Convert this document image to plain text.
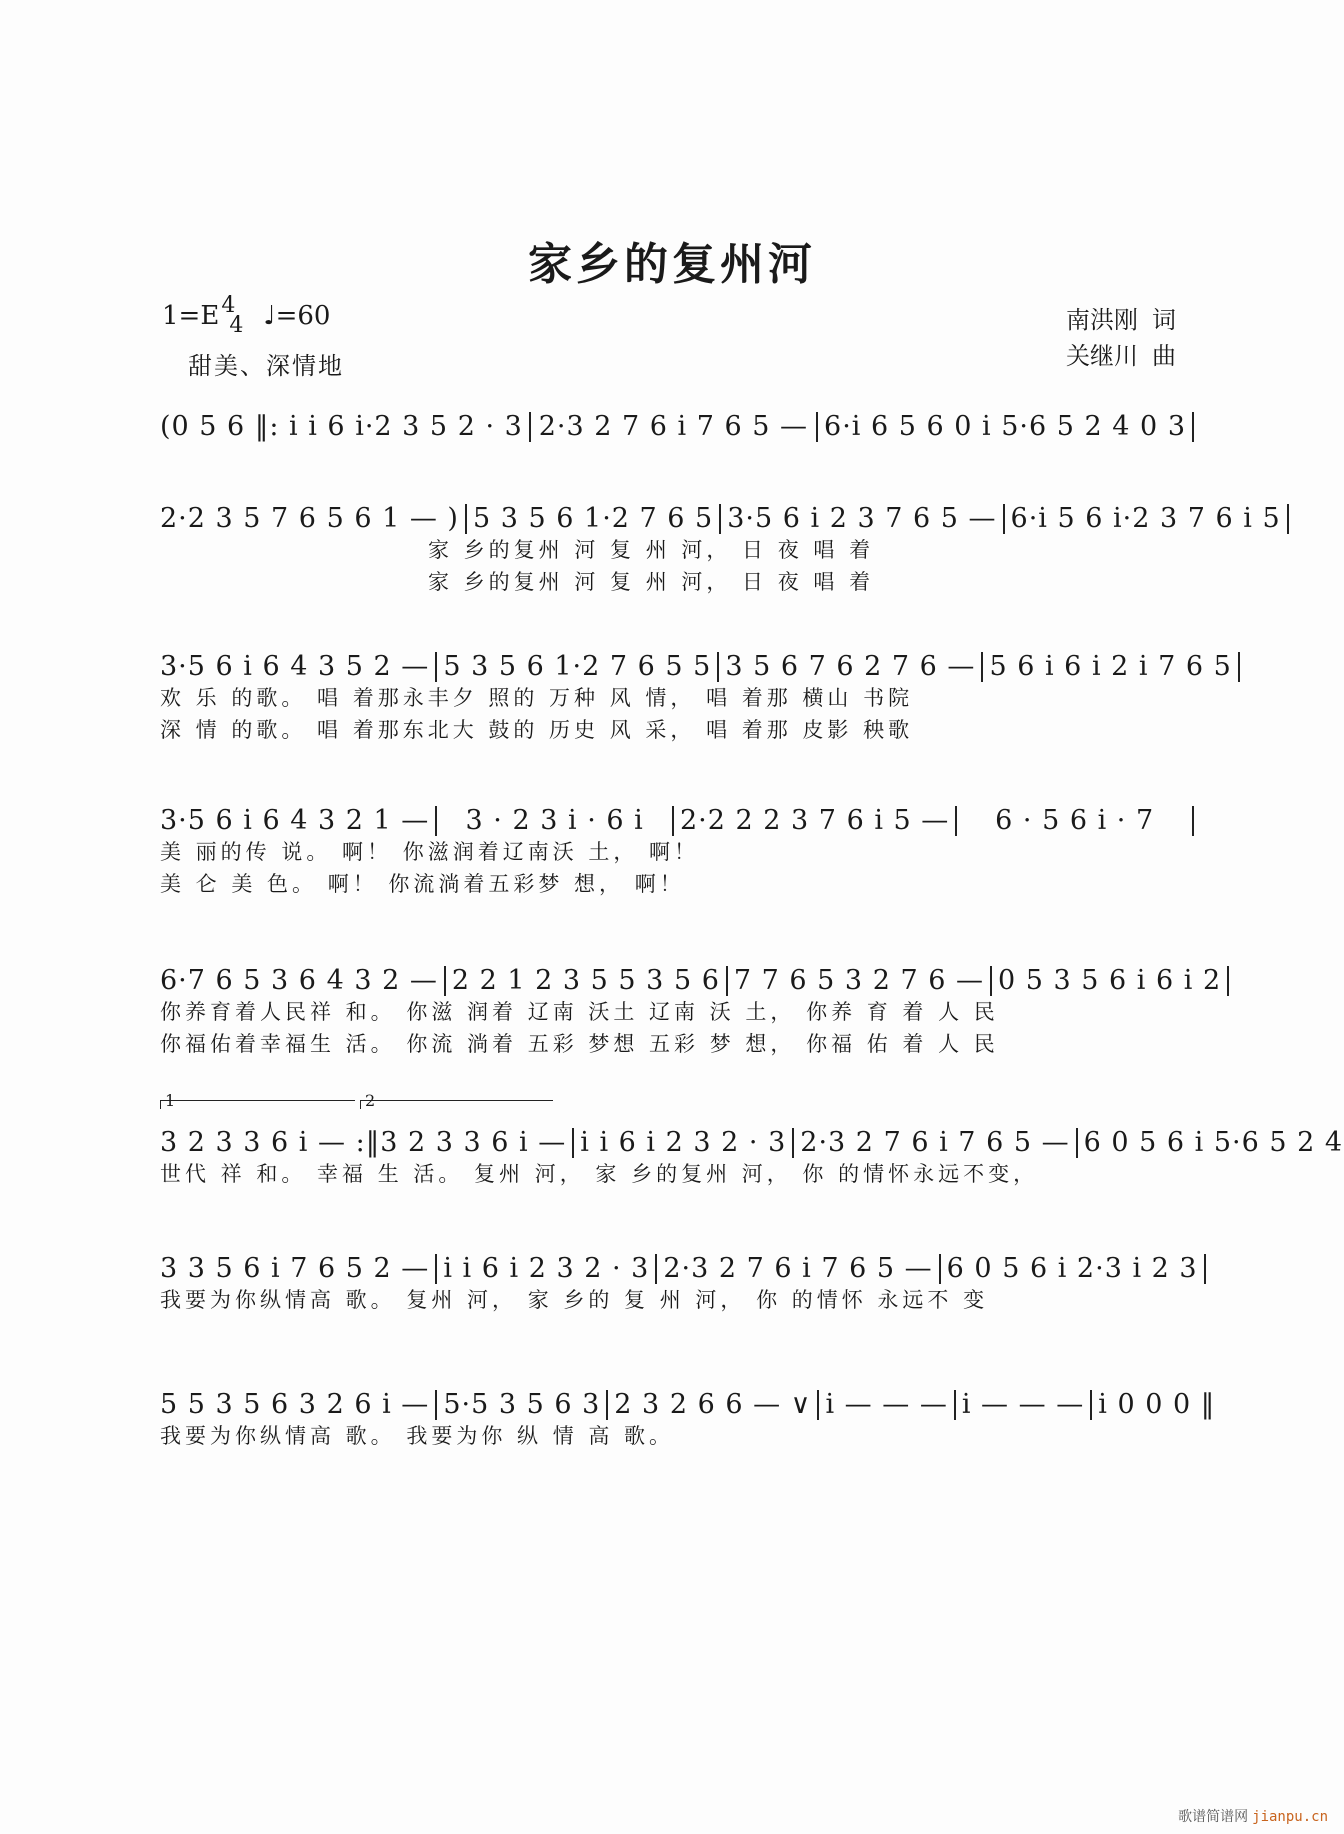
家乡的复州河
1=E 4
4 ♩=60
甜美、深情地
南洪刚 词
关继川 曲
(0 5 6 ‖: i i 6 i·2 3 5 2 · 3 2·3 2 7 6 i 7 6 5 — 6·i 6 5 6 0 i 5·6 5 2 4 0 3
2·2 3 5 7 6 5 6 1 — ) 5 3 5 6 1·2 7 6 5 3·5 6 i 2 3 7 6 5 — 6·i 5 6 i·2 3 7 6 i 5
家 乡的复州 河 复 州 河， 日 夜 唱 着
家 乡的复州 河 复 州 河， 日 夜 唱 着
3·5 6 i 6 4 3 5 2 — 5 3 5 6 1·2 7 6 5 5 3 5 6 7 6 2 7 6 — 5 6 i 6 i 2 i 7 6 5
欢 乐 的歌。 唱 着那永丰夕 照的 万种 风 情， 唱 着那 横山 书院
深 情 的歌。 唱 着那东北大 鼓的 历史 风 采， 唱 着那 皮影 秧歌
3·5 6 i 6 4 3 2 1 —	3 · 2 3 i · 6 i	2·2 2 2 3 7 6 i 5 —	6 · 5 6 i · 7
美 丽的传 说。 啊！ 你滋润着辽南沃 土， 啊！
美 仑 美 色。 啊！ 你流淌着五彩梦 想， 啊！
6·7 6 5 3 6 4 3 2 — 2 2 1 2 3 5 5 3 5 6 7 7 6 5 3 2 7 6 — 0 5 3 5 6 i 6 i 2
你养育着人民祥 和。 你滋 润着 辽南 沃土 辽南 沃 土， 你养 育 着 人 民
你福佑着幸福生 活。 你流 淌着 五彩 梦想 五彩 梦 想， 你福 佑 着 人 民
1	2
3 2 3 3 6 i — :‖ 3 2 3 3 6 i — i i 6 i 2 3 2 · 3 2·3 2 7 6 i 7 6 5 — 6 0 5 6 i 5·6 5 2 4
世代 祥 和。 幸福 生 活。 复州 河， 家 乡的复州 河， 你 的情怀永远不变，
3 3 5 6 i 7 6 5 2 — i i 6 i 2 3 2 · 3 2·3 2 7 6 i 7 6 5 — 6 0 5 6 i 2·3 i 2 3
我要为你纵情高 歌。 复州 河， 家 乡的 复 州 河， 你 的情怀 永远不 变
5 5 3 5 6 3 2 6 i — 5·5 3 5 6 3 2 3 2 6 6 — ∨ i — — — i — — — i 0 0 0 ‖
我要为你纵情高 歌。 我要为你 纵 情 高 歌。
歌谱简谱网 jianpu.cn
